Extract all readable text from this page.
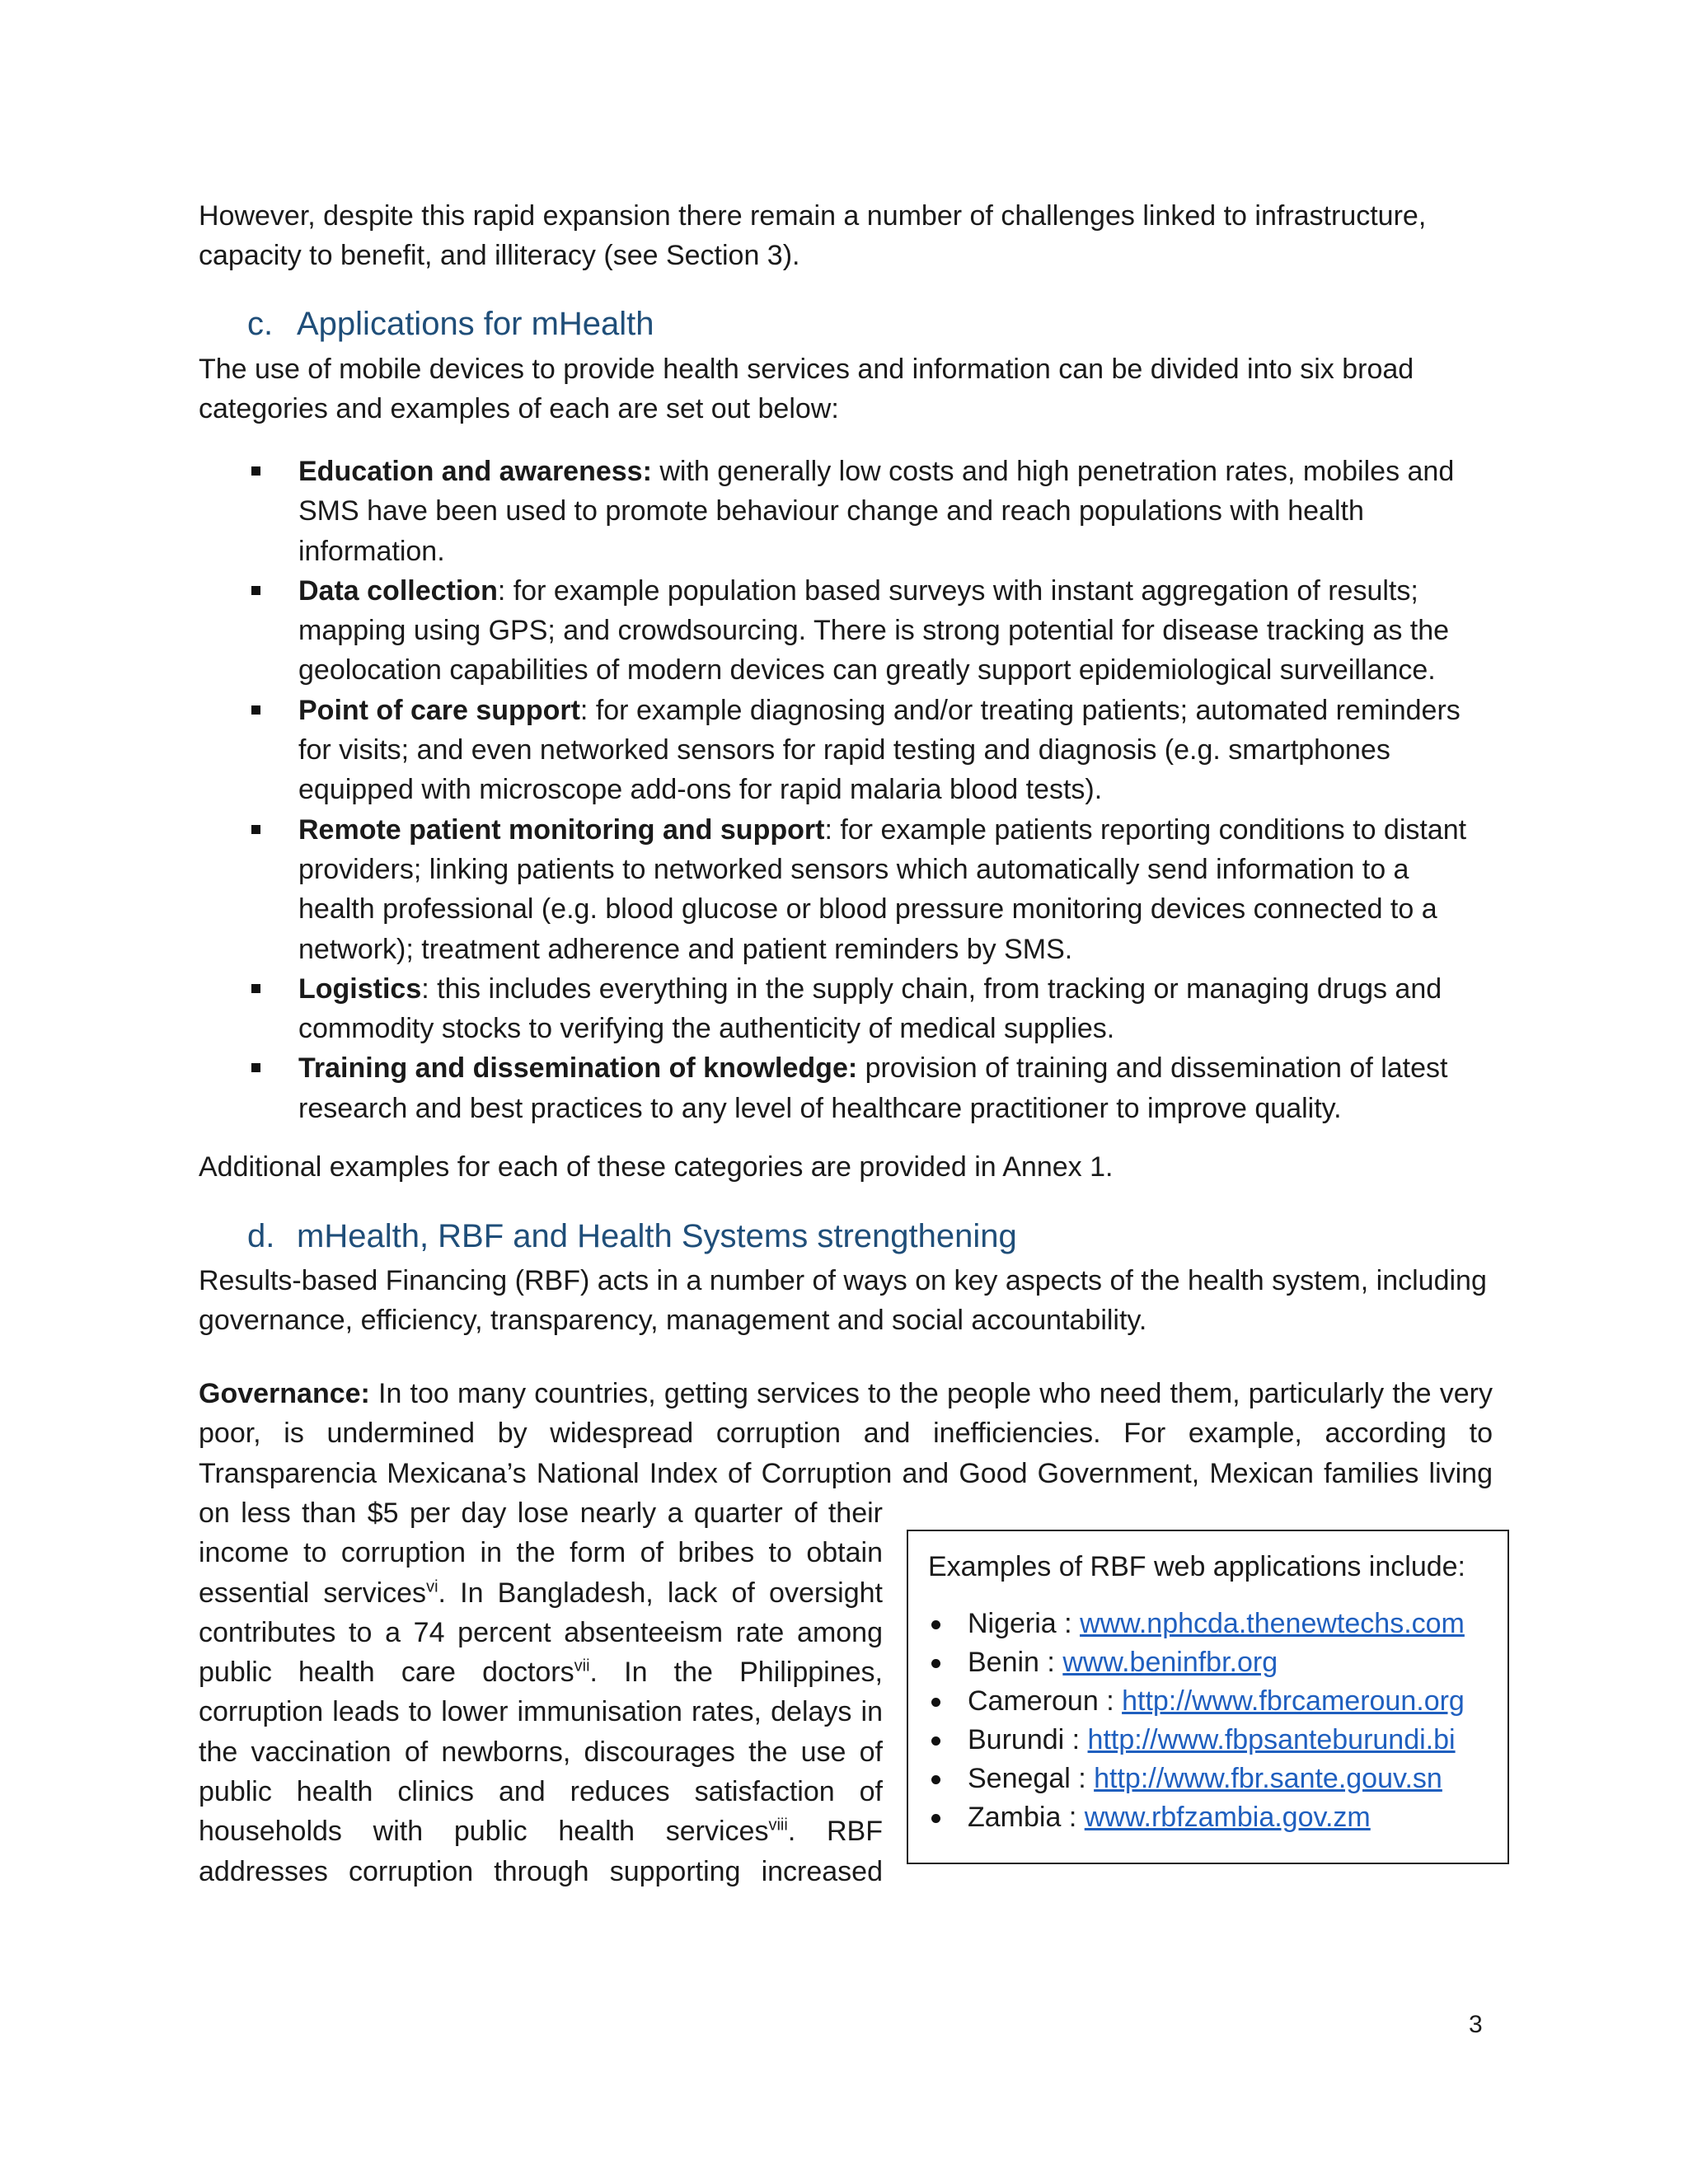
However, despite this rapid expansion there remain a number of challenges linked to infrastructure,
capacity to benefit, and illiteracy (see Section 3).
c. Applications for mHealth
The use of mobile devices to provide health services and information can be divided into six broad
categories and examples of each are set out below:
Education and awareness: with generally low costs and high penetration rates, mobiles and
SMS have been used to promote behaviour change and reach populations with health
information.
Data collection: for example population based surveys with instant aggregation of results;
mapping using GPS; and crowdsourcing. There is strong potential for disease tracking as the
geolocation capabilities of modern devices can greatly support epidemiological surveillance.
Point of care support: for example diagnosing and/or treating patients; automated reminders
for visits; and even networked sensors for rapid testing and diagnosis (e.g. smartphones
equipped with microscope add-ons for rapid malaria blood tests).
Remote patient monitoring and support: for example patients reporting conditions to distant
providers; linking patients to networked sensors which automatically send information to a
health professional (e.g. blood glucose or blood pressure monitoring devices connected to a
network); treatment adherence and patient reminders by SMS.
Logistics: this includes everything in the supply chain, from tracking or managing drugs and
commodity stocks to verifying the authenticity of medical supplies.
Training and dissemination of knowledge: provision of training and dissemination of latest
research and best practices to any level of healthcare practitioner to improve quality.
Additional examples for each of these categories are provided in Annex 1.
d. mHealth, RBF and Health Systems strengthening
Results-based Financing (RBF) acts in a number of ways on key aspects of the health system, including
governance, efficiency, transparency, management and social accountability.
Governance: In too many countries, getting services to the people who need them, particularly the very
poor, is undermined by widespread corruption and inefficiencies. For example, according to
Transparencia Mexicana’s National Index of Corruption and Good Government, Mexican families living
on less than $5 per day lose nearly a quarter of their
income to corruption in the form of bribes to obtain
essential services$^{vi}$. In Bangladesh, lack of oversight
contributes to a 74 percent absenteeism rate among
public health care doctors$^{vii}$. In the Philippines,
corruption leads to lower immunisation rates, delays in
the vaccination of newborns, discourages the use of
public health clinics and reduces satisfaction of
households with public health services$^{viii}$. RBF
addresses corruption through supporting increased
Examples of RBF web applications include:
Nigeria : www.nphcda.thenewtechs.com
Benin : www.beninfbr.org
Cameroun : http://www.fbrcameroun.org
Burundi : http://www.fbpsanteburundi.bi
Senegal : http://www.fbr.sante.gouv.sn
Zambia : www.rbfzambia.gov.zm
3
